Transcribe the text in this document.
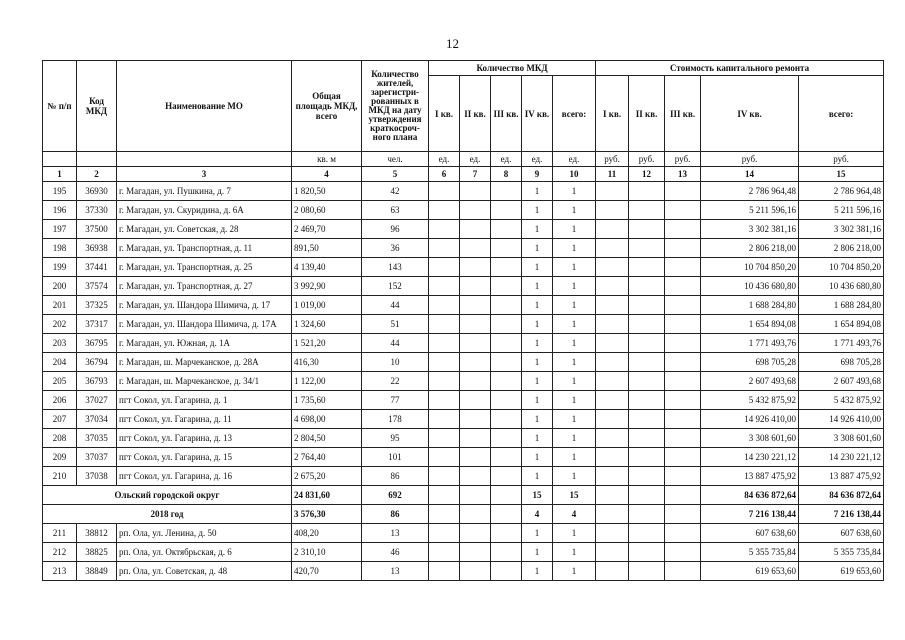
12
№ п/п	Код МКД	Наименование МО	Общая площадь МКД, всего	Количество жителей, зарегистри-рованных в МКД на дату утверждения краткосроч-ного плана	Количество МКД					Стоимость капитального ремонта				
					I кв.	II кв.	III кв.	IV кв.	всего:	I кв.	II кв.	III кв.	IV кв.	всего:
			кв. м	чел.	ед.	ед.	ед.	ед.	ед.	руб.	руб.	руб.	руб.	руб.
1	2	3	4	5	6	7	8	9	10	11	12	13	14	15
195	36930	г. Магадан, ул. Пушкина, д. 7	1 820,50	42				1	1				2 786 964,48	2 786 964,48
196	37330	г. Магадан, ул. Скуридина, д. 6А	2 080,60	63				1	1				5 211 596,16	5 211 596,16
197	37500	г. Магадан, ул. Советская, д. 28	2 469,70	96				1	1				3 302 381,16	3 302 381,16
198	36938	г. Магадан, ул. Транспортная, д. 11	891,50	36				1	1				2 806 218,00	2 806 218,00
199	37441	г. Магадан, ул. Транспортная, д. 25	4 139,40	143				1	1				10 704 850,20	10 704 850,20
200	37574	г. Магадан, ул. Транспортная, д. 27	3 992,90	152				1	1				10 436 680,80	10 436 680,80
201	37325	г. Магадан, ул. Шандора Шимича, д. 17	1 019,00	44				1	1				1 688 284,80	1 688 284,80
202	37317	г. Магадан, ул. Шандора Шимича, д. 17А	1 324,60	51				1	1				1 654 894,08	1 654 894,08
203	36795	г. Магадан, ул. Южная, д. 1А	1 521,20	44				1	1				1 771 493,76	1 771 493,76
204	36794	г. Магадан, ш. Марчеканское, д. 28А	416,30	10				1	1				698 705,28	698 705,28
205	36793	г. Магадан, ш. Марчеканское, д. 34/1	1 122,00	22				1	1				2 607 493,68	2 607 493,68
206	37027	пгт Сокол, ул. Гагарина, д. 1	1 735,60	77				1	1				5 432 875,92	5 432 875,92
207	37034	пгт Сокол, ул. Гагарина, д. 11	4 698,00	178				1	1				14 926 410,00	14 926 410,00
208	37035	пгт Сокол, ул. Гагарина, д. 13	2 804,50	95				1	1				3 308 601,60	3 308 601,60
209	37037	пгт Сокол, ул. Гагарина, д. 15	2 764,40	101				1	1				14 230 221,12	14 230 221,12
210	37038	пгт Сокол, ул. Гагарина, д. 16	2 675,20	86				1	1				13 887 475,92	13 887 475,92
Ольский городской округ			24 831,60	692				15	15				84 636 872,64	84 636 872,64
2018 год			3 576,30	86				4	4				7 216 138,44	7 216 138,44
211	38812	рп. Ола, ул. Ленина, д. 50	408,20	13				1	1				607 638,60	607 638,60
212	38825	рп. Ола, ул. Октябрьская, д. 6	2 310,10	46				1	1				5 355 735,84	5 355 735,84
213	38849	рп. Ола, ул. Советская, д. 48	420,70	13				1	1				619 653,60	619 653,60
